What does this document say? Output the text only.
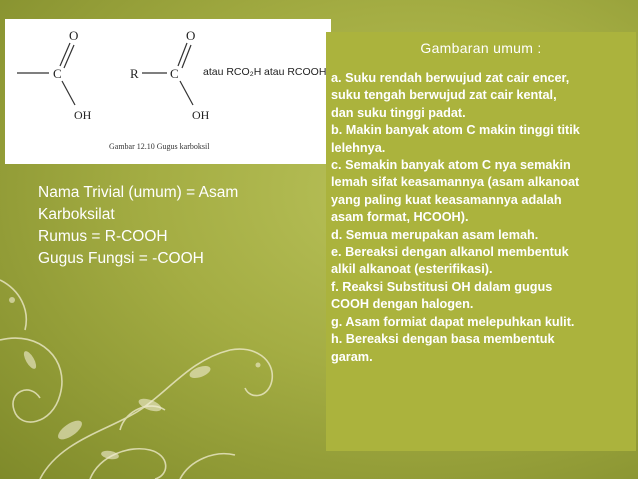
C
O
OH
R C
O
OH
atau RCO₂H atau RCOOH
Gambar 12.10 Gugus karboksil
Nama Trivial (umum) = Asam
Karboksilat
Rumus = R-COOH
Gugus Fungsi = -COOH
Gambaran umum :
a. Suku rendah berwujud zat cair encer,
suku tengah berwujud zat cair kental,
dan suku tinggi padat.
b. Makin banyak atom C makin tinggi titik
lelehnya.
c. Semakin banyak atom C nya semakin
lemah sifat keasamannya (asam alkanoat
yang paling kuat keasamannya adalah
asam format, HCOOH).
d. Semua merupakan asam lemah.
e. Bereaksi dengan alkanol membentuk
alkil alkanoat (esterifikasi).
f. Reaksi Substitusi OH dalam gugus
COOH dengan halogen.
g. Asam formiat dapat melepuhkan kulit.
h. Bereaksi dengan basa membentuk
garam.
